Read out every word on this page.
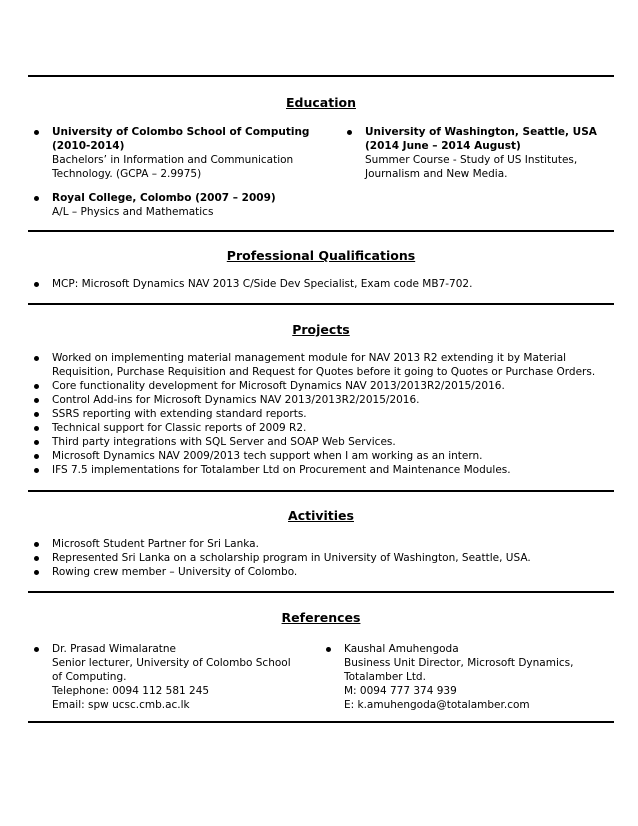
Education
University of Colombo School of Computing (2010-2014)
Bachelors’ in Information and Communication Technology. (GCPA – 2.9975)
Royal College, Colombo (2007 – 2009)
A/L – Physics and Mathematics
University of Washington, Seattle, USA (2014 June – 2014 August)
Summer Course - Study of US Institutes, Journalism and New Media.
Professional Qualifications
MCP: Microsoft Dynamics NAV 2013 C/Side Dev Specialist, Exam code MB7-702.
Projects
Worked on implementing material management module for NAV 2013 R2 extending it by Material Requisition, Purchase Requisition and Request for Quotes before it going to Quotes or Purchase Orders.
Core functionality development for Microsoft Dynamics NAV 2013/2013R2/2015/2016.
Control Add-ins for Microsoft Dynamics NAV 2013/2013R2/2015/2016.
SSRS reporting with extending standard reports.
Technical support for Classic reports of 2009 R2.
Third party integrations with SQL Server and SOAP Web Services.
Microsoft Dynamics NAV 2009/2013 tech support when I am working as an intern.
IFS 7.5 implementations for Totalamber Ltd on Procurement and Maintenance Modules.
Activities
Microsoft Student Partner for Sri Lanka.
Represented Sri Lanka on a scholarship program in University of Washington, Seattle, USA.
Rowing crew member – University of Colombo.
References
Dr. Prasad Wimalaratne
Senior lecturer, University of Colombo School of Computing.
Telephone: 0094 112 581 245
Email: spw ucsc.cmb.ac.lk
Kaushal Amuhengoda
Business Unit Director, Microsoft Dynamics, Totalamber Ltd.
M: 0094 777 374 939
E: k.amuhengoda@totalamber.com
